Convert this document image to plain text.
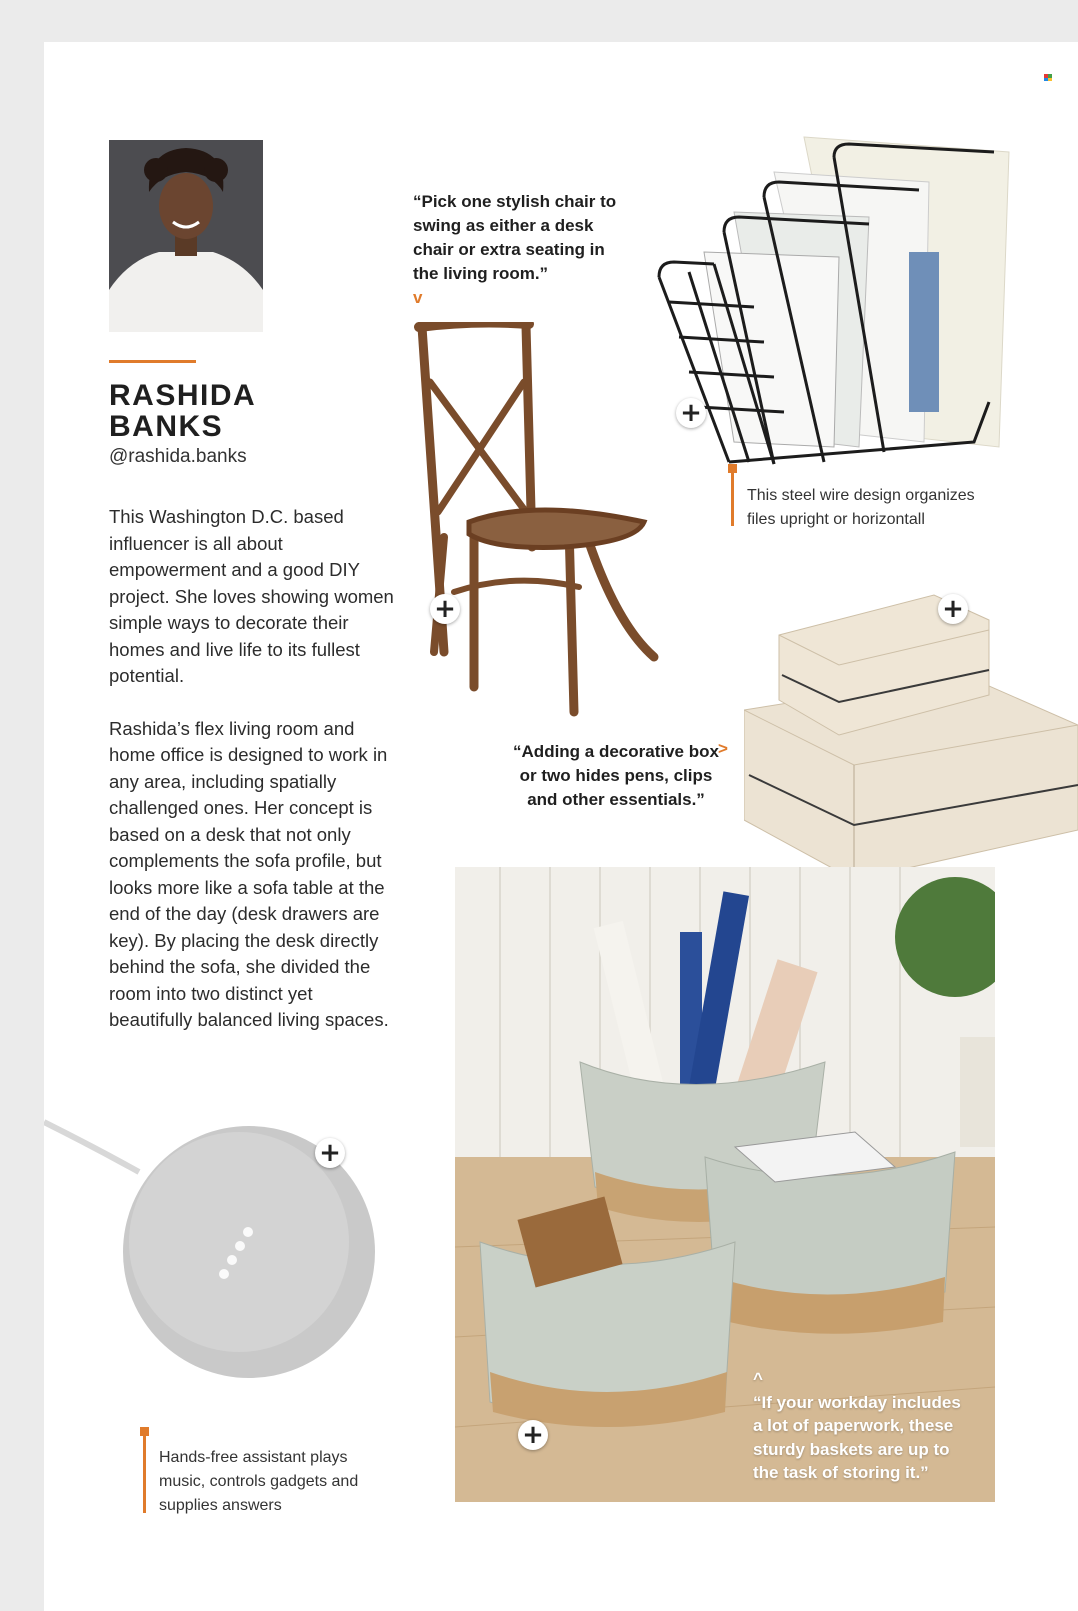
RASHIDA
BANKS
@rashida.banks

This Washington D.C. based influencer is all about empowerment and a good DIY project. She loves showing women simple ways to decorate their homes and live life to its fullest potential.

Rashida’s flex living room and home office is designed to work in any area, including spatially challenged ones. Her concept is based on a desk that not only complements the sofa profile, but looks more like a sofa table at the end of the day (desk drawers are key). By placing the desk directly behind the sofa, she divided the room into two distinct yet beautifully balanced living spaces.

“Pick one stylish chair to swing as either a desk chair or extra seating in the living room.”
v
+
+
This steel wire design organizes files upright or horizontall
+
“Adding a decorative box or two hides pens, clips and other essentials.”
>
^
“If your workday includes a lot of paperwork, these sturdy baskets are up to the task of storing it.”
+
+
Hands-free assistant plays music, controls gadgets and supplies answers
